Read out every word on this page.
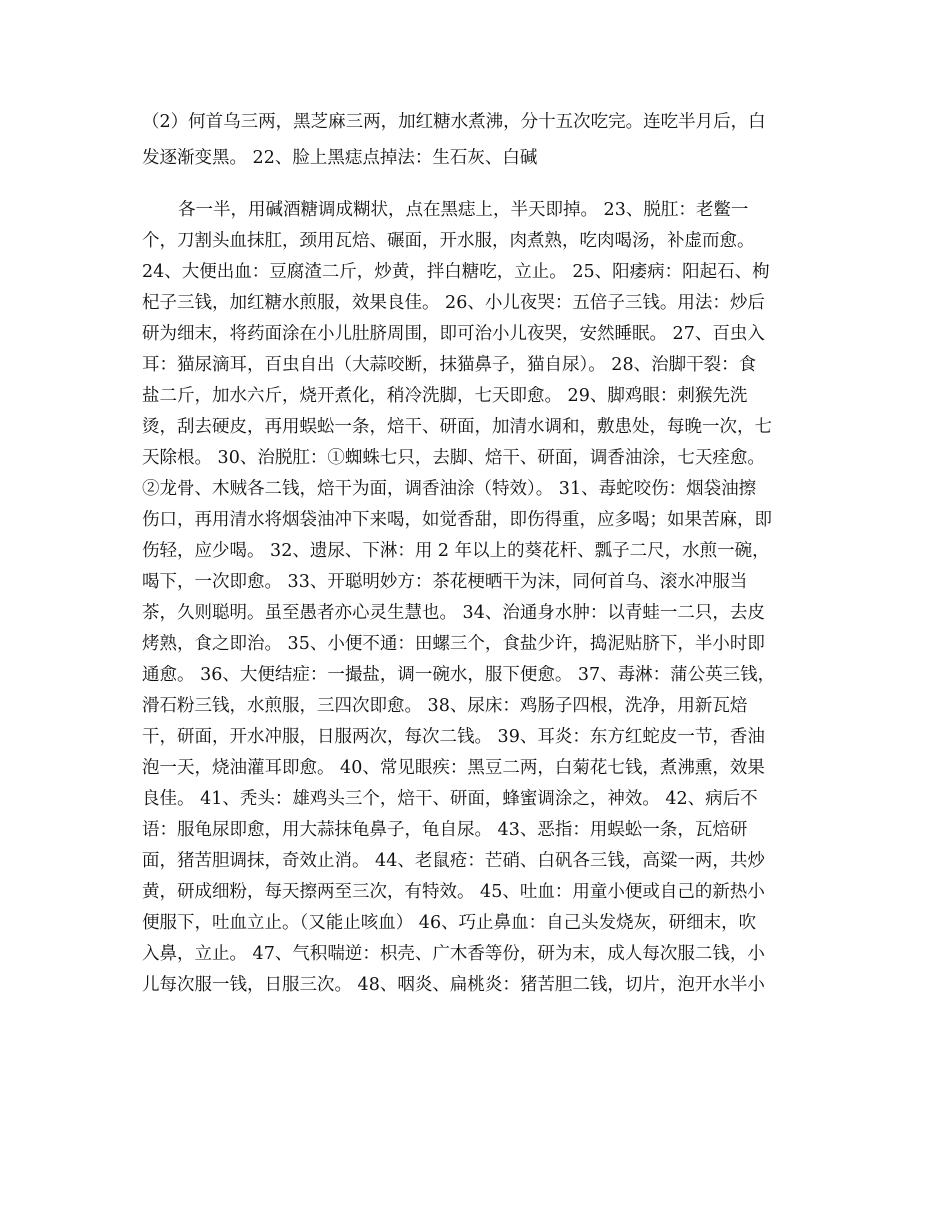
（2）何首乌三两，黑芝麻三两，加红糖水煮沸，分十五次吃完。连吃半月后，白
发逐渐变黑。 22、脸上黑痣点掉法：生石灰、白碱
各一半，用碱酒糖调成糊状，点在黑痣上，半天即掉。 23、脱肛：老鳖一
个，刀割头血抹肛，颈用瓦焙、碾面，开水服，肉煮熟，吃肉喝汤，补虚而愈。
24、大便出血：豆腐渣二斤，炒黄，拌白糖吃，立止。 25、阳痿病：阳起石、枸
杞子三钱，加红糖水煎服，效果良佳。 26、小儿夜哭：五倍子三钱。用法：炒后
研为细末，将药面涂在小儿肚脐周围，即可治小儿夜哭，安然睡眠。 27、百虫入
耳：猫尿滴耳，百虫自出（大蒜咬断，抹猫鼻子，猫自尿）。 28、治脚干裂：食
盐二斤，加水六斤，烧开煮化，稍冷洗脚，七天即愈。 29、脚鸡眼：刺猴先洗
烫，刮去硬皮，再用蜈蚣一条，焙干、研面，加清水调和，敷患处，每晚一次，七
天除根。 30、治脱肛：①蜘蛛七只，去脚、焙干、研面，调香油涂，七天痊愈。
②龙骨、木贼各二钱，焙干为面，调香油涂（特效）。 31、毒蛇咬伤：烟袋油擦
伤口，再用清水将烟袋油冲下来喝，如觉香甜，即伤得重，应多喝；如果苦麻，即
伤轻，应少喝。 32、遗尿、下淋：用 2 年以上的葵花杆、瓢子二尺，水煎一碗，
喝下，一次即愈。 33、开聪明妙方：茶花梗晒干为沫，同何首乌、滚水冲服当
茶，久则聪明。虽至愚者亦心灵生慧也。 34、治通身水肿：以青蛙一二只，去皮
烤熟，食之即治。 35、小便不通：田螺三个，食盐少许，捣泥贴脐下，半小时即
通愈。 36、大便结症：一撮盐，调一碗水，服下便愈。 37、毒淋：蒲公英三钱，
滑石粉三钱，水煎服，三四次即愈。 38、尿床：鸡肠子四根，洗净，用新瓦焙
干，研面，开水冲服，日服两次，每次二钱。 39、耳炎：东方红蛇皮一节，香油
泡一天，烧油灌耳即愈。 40、常见眼疾：黑豆二两，白菊花七钱，煮沸熏，效果
良佳。 41、秃头：雄鸡头三个，焙干、研面，蜂蜜调涂之，神效。 42、病后不
语：服龟尿即愈，用大蒜抹龟鼻子，龟自尿。 43、恶指：用蜈蚣一条，瓦焙研
面，猪苦胆调抹，奇效止消。 44、老鼠疮：芒硝、白矾各三钱，高粱一两，共炒
黄，研成细粉，每天擦两至三次，有特效。 45、吐血：用童小便或自己的新热小
便服下，吐血立止。（又能止咳血） 46、巧止鼻血：自己头发烧灰，研细末，吹
入鼻，立止。 47、气积喘逆：枳壳、广木香等份，研为末，成人每次服二钱，小
儿每次服一钱，日服三次。 48、咽炎、扁桃炎：猪苦胆二钱，切片，泡开水半小
